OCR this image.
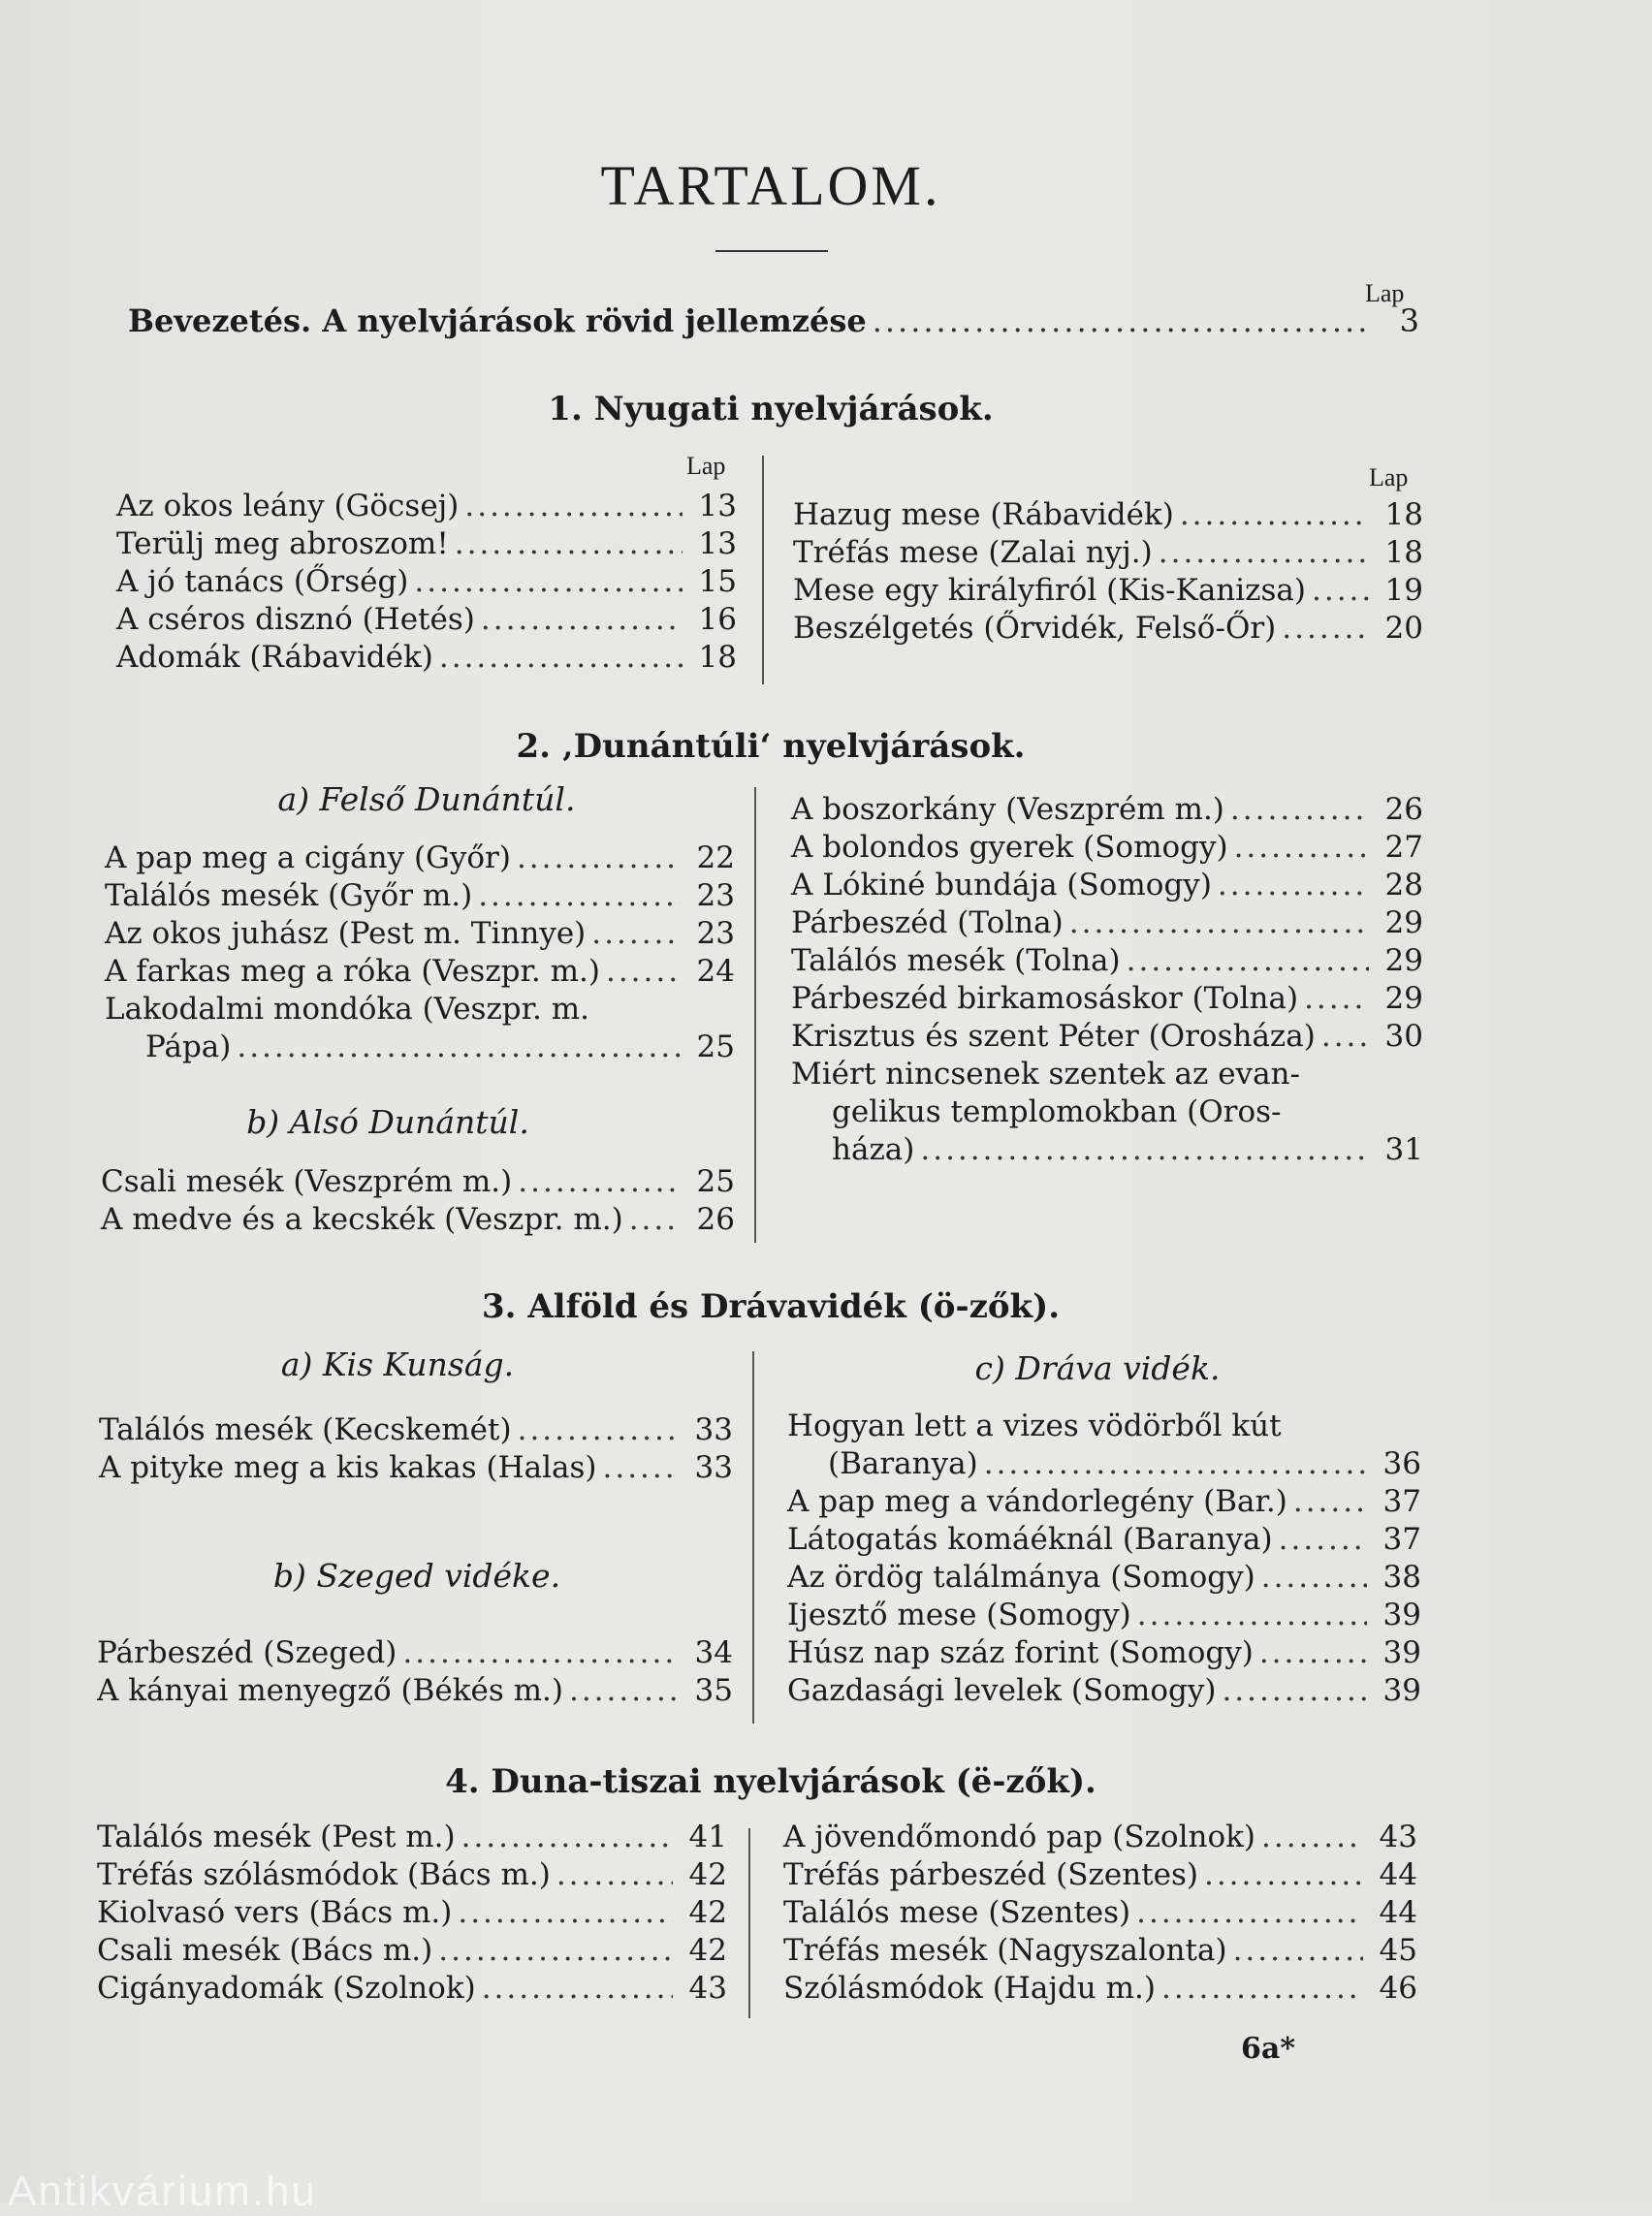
TARTALOM.
Lap
Bevezetés. A nyelvjárások rövid jellemzése .....	3
1. Nyugati nyelvjárások.
Lap	Lap
Az okos leány (Göcsej) .....	13
Terülj meg abroszom! .....	13
A jó tanács (Őrség) .....	15
A cséros disznó (Hetés) .....	16
Adomák (Rábavidék) .....	18
Hazug mese (Rábavidék) .....	18
Tréfás mese (Zalai nyj.) .....	18
Mese egy királyfiról (Kis-Kanizsa) .....	19
Beszélgetés (Őrvidék, Felső-Őr) .....	20
2. ‚Dunántúli‘ nyelvjárások.
a) Felső Dunántúl.
A pap meg a cigány (Győr) .....	22
Találós mesék (Győr m.) .....	23
Az okos juhász (Pest m. Tinnye) .....	23
A farkas meg a róka (Veszpr. m.) .....	24
Lakodalmi mondóka (Veszpr. m.
Pápa) .....	25
b) Alsó Dunántúl.
Csali mesék (Veszprém m.) .....	25
A medve és a kecskék (Veszpr. m.) .....	26
A boszorkány (Veszprém m.) .....	26
A bolondos gyerek (Somogy) .....	27
A Lókiné bundája (Somogy) .....	28
Párbeszéd (Tolna) .....	29
Találós mesék (Tolna) .....	29
Párbeszéd birkamosáskor (Tolna) .....	29
Krisztus és szent Péter (Orosháza) .....	30
Miért nincsenek szentek az evan-
gelikus templomokban (Oros-
háza) .....	31
3. Alföld és Drávavidék (ö-zők).
a) Kis Kunság.
Találós mesék (Kecskemét) .....	33
A pityke meg a kis kakas (Halas) .....	33
b) Szeged vidéke.
Párbeszéd (Szeged) .....	34
A kányai menyegző (Békés m.) .....	35
c) Dráva vidék.
Hogyan lett a vizes vödörből kút
(Baranya) .....	36
A pap meg a vándorlegény (Bar.) .....	37
Látogatás komáéknál (Baranya) .....	37
Az ördög találmánya (Somogy) .....	38
Ijesztő mese (Somogy) .....	39
Húsz nap száz forint (Somogy) .....	39
Gazdasági levelek (Somogy) .....	39
4. Duna-tiszai nyelvjárások (ë-zők).
Találós mesék (Pest m.) .....	41
Tréfás szólásmódok (Bács m.) .....	42
Kiolvasó vers (Bács m.) .....	42
Csali mesék (Bács m.) .....	42
Cigányadomák (Szolnok) .....	43
A jövendőmondó pap (Szolnok) .....	43
Tréfás párbeszéd (Szentes) .....	44
Találós mese (Szentes) .....	44
Tréfás mesék (Nagyszalonta) .....	45
Szólásmódok (Hajdu m.) .....	46
6a*
Antikvárium.hu
